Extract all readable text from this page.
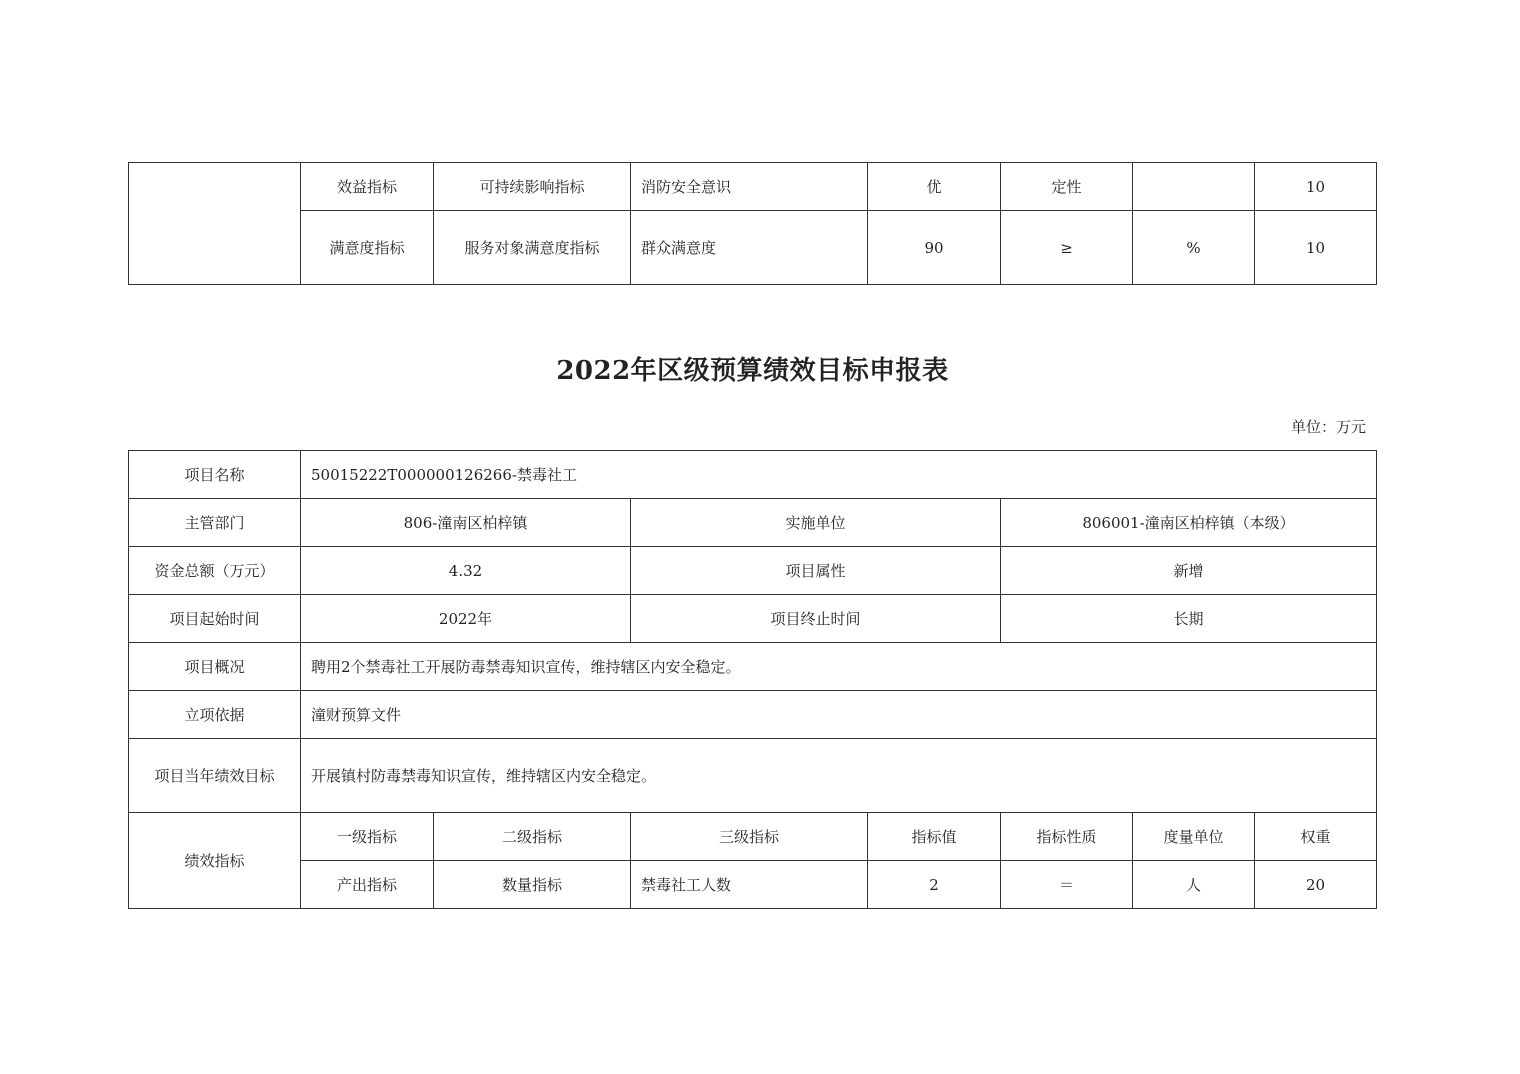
	效益指标	可持续影响指标	消防安全意识	优	定性		10
	满意度指标	服务对象满意度指标	群众满意度	90	≥	%	10
2022年区级预算绩效目标申报表
单位：万元
项目名称	50015222T000000126266-禁毒社工						
主管部门	806-潼南区柏梓镇		实施单位		806001-潼南区柏梓镇（本级）		
资金总额（万元）	4.32		项目属性		新增		
项目起始时间	2022年		项目终止时间		长期		
项目概况	聘用2个禁毒社工开展防毒禁毒知识宣传，维持辖区内安全稳定。						
立项依据	潼财预算文件						
项目当年绩效目标	开展镇村防毒禁毒知识宣传，维持辖区内安全稳定。						
绩效指标	一级指标	二级指标	三级指标	指标值	指标性质	度量单位	权重
	产出指标	数量指标	禁毒社工人数	2	＝	人	20
